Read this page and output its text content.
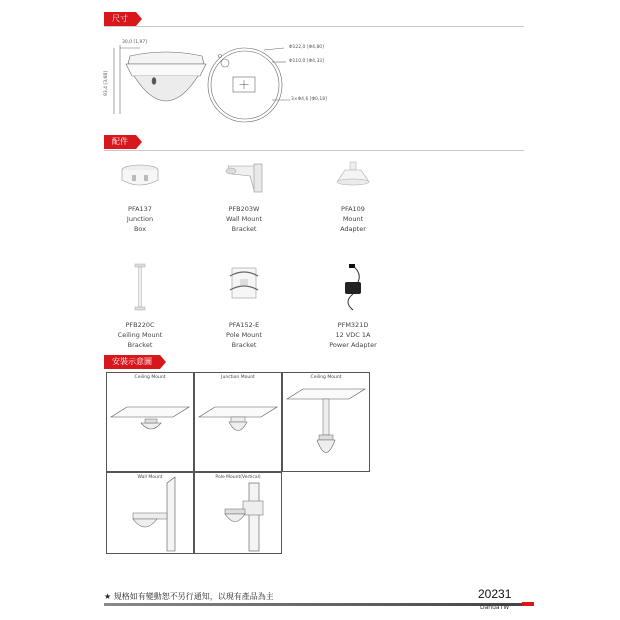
尺寸
30,0 [1,97]
93,4 [3,68]
Φ122,0 [Φ4,80]
Φ110,0 [Φ4,33]
3×Φ4,6 [Φ0,18]
配件
PFA137
Junction
Box
PFB203W
Wall Mount
Bracket
PFA109
Mount
Adapter
PFB220C
Ceiling Mount
Bracket
PFA152-E
Pole Mount
Bracket
PFM321D
12 VDC 1A
Power Adapter
安裝示意圖
Ceiling Mount	Junction Mount	Ceiling Mount
Wall Mount	Pole Mount(Vertical)
★ 規格如有變動恕不另行通知，以現有產品為主	20231
DahuaTW
